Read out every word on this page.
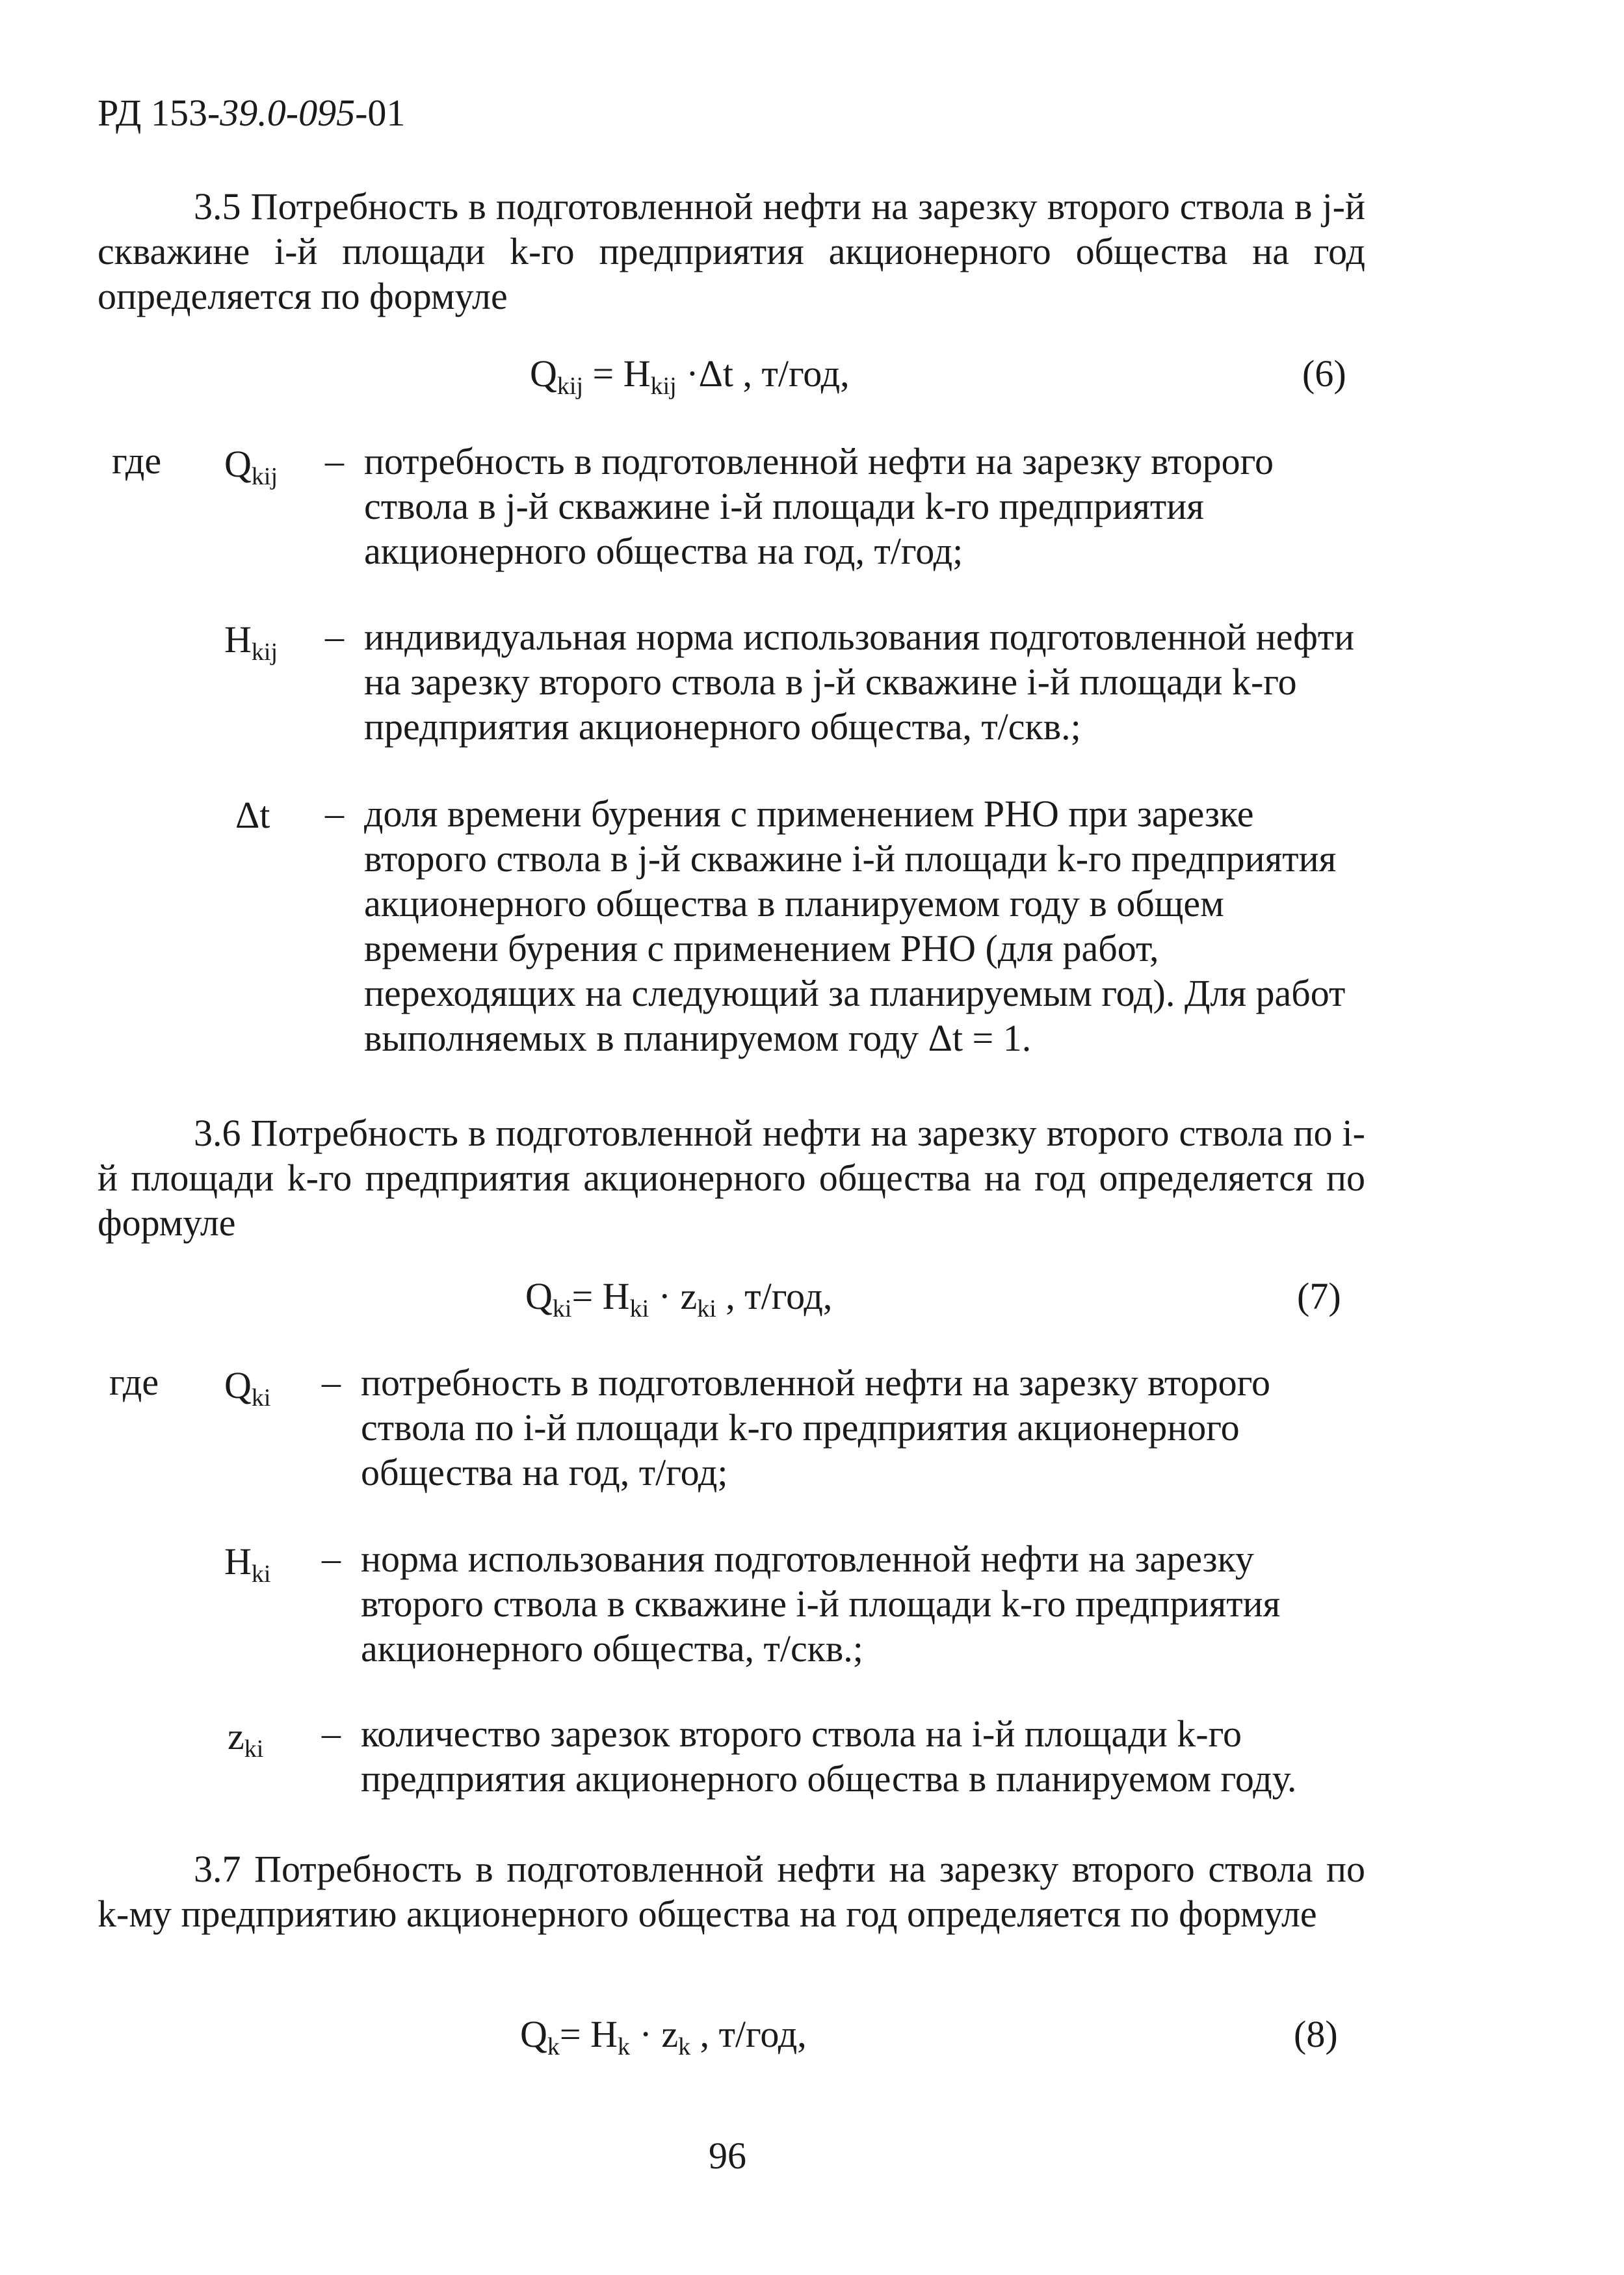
РД 153-39.0-095-01

3.5 Потребность в подготовленной нефти на зарезку второго ствола в j-й скважине i-й площади k-го предприятия акционерного общества на год определяется по формуле

$Q_{kij} = H_{kij} \cdot\Delta t$ , т/год,	(6)
где $Q_{kij}$ – потребность в подготовленной нефти на зарезку второго ствола в j-й скважине i-й площади k-го предприятия акционерного общества на год, т/год;
$H_{kij}$ – индивидуальная норма использования подготовленной нефти на зарезку второго ствола в j-й скважине i-й площади k-го предприятия акционерного общества, т/скв.;
Δt – доля времени бурения с применением РНО при зарезке второго ствола в j-й скважине i-й площади k-го предприятия акционерного общества в планируемом году в общем времени бурения с применением РНО (для работ, переходящих на следующий за планируемым год). Для работ выполняемых в планируемом году Δt = 1.

3.6 Потребность в подготовленной нефти на зарезку второго ствола по i-й площади k-го предприятия акционерного общества на год определяется по формуле

$Q_{ki}= H_{ki} \cdot z_{ki}$ , т/год,	(7)
где $Q_{ki}$ – потребность в подготовленной нефти на зарезку второго ствола по i-й площади k-го предприятия акционерного общества на год, т/год;
$H_{ki}$ – норма использования подготовленной нефти на зарезку второго ствола в скважине i-й площади k-го предприятия акционерного общества, т/скв.;
$z_{ki}$ – количество зарезок второго ствола на i-й площади k-го предприятия акционерного общества в планируемом году.

3.7 Потребность в подготовленной нефти на зарезку второго ствола по k-му предприятию акционерного общества на год определяется по формуле

$Q_k= H_k \cdot z_k$ , т/год,	(8)
96
